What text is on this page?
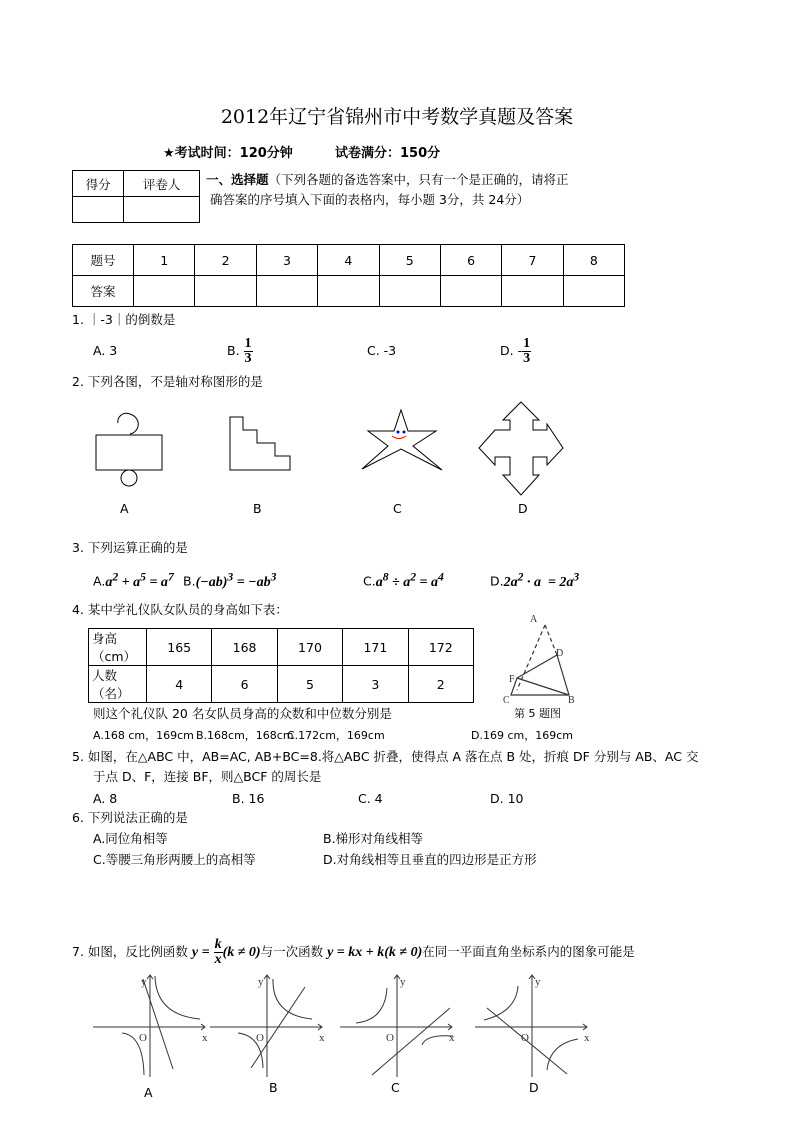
2012年辽宁省锦州市中考数学真题及答案
★考试时间：120分钟	试卷满分：150分
得分	评卷人
	一、选择题（下列各题的备选答案中，只有一个是正确的，请将正
确答案的序号填入下面的表格内，每小题 3分，共 24分）
题号	1	2	3	4	5	6	7	8
答案								
1. ｜-3｜的倒数是
A. 3	B. $\frac{1}{3}$	C. -3	D. - $\frac{1}{3}$
2. 下列各图，不是轴对称图形的是
A	B	C	D
3. 下列运算正确的是
$A.a^2 + a^5 = a^7$ $B.(-ab)^3 = -ab^3$	$C.a^8 \div a^2 = a^4$	$D.2a^2 \cdot a = 2a^3$
4. 某中学礼仪队女队员的身高如下表：
身高（cm）	165	168	170	171	172
人数（名）	4	6	5	3	2
A
D
F
C	B
第 5 题图
则这个礼仪队 20 名女队员身高的众数和中位数分别是
A.168 cm，169cm B.168cm，168cm
C.172cm，169cm	D.169 cm，169cm
5. 如图，在△ABC 中，AB=AC, AB+BC=8.将△ABC 折叠，使得点 A 落在点 B 处，折痕 DF 分别与 AB、AC 交
于点 D、F，连接 BF，则△BCF 的周长是
A. 8	B. 16	C. 4	D. 10
6. 下列说法正确的是
A.同位角相等	B.梯形对角线相等
C.等腰三角形两腰上的高相等	D.对角线相等且垂直的四边形是正方形
7. 如图，反比例函数 $y = \frac{k}{x} (k \ne 0)$与一次函数 y = kx + k(k ≠ 0)在同一平面直角坐标系内的图象可能是
x
y
O	x
y
O	x
y
O	x
y
O
A	B	C	D
